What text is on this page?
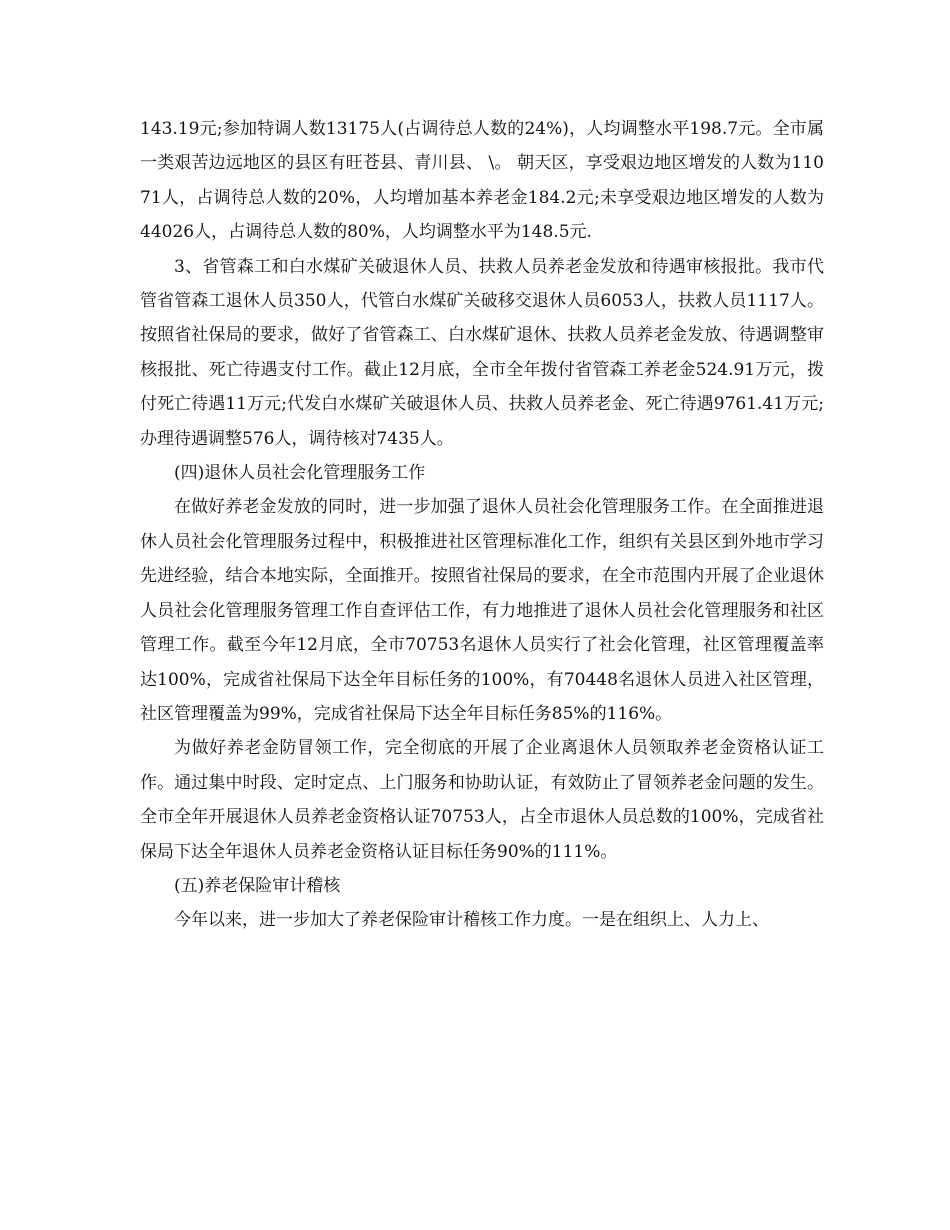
143.19元;参加特调人数13175人(占调待总人数的24%)，人均调整水平198.7元。全市属一类艰苦边远地区的县区有旺苍县、青川县、 \。 朝天区，享受艰边地区增发的人数为11071人，占调待总人数的20%，人均增加基本养老金184.2元;未享受艰边地区增发的人数为44026人，占调待总人数的80%，人均调整水平为148.5元.

3、省管森工和白水煤矿关破退休人员、扶救人员养老金发放和待遇审核报批。我市代管省管森工退休人员350人，代管白水煤矿关破移交退休人员6053人，扶救人员1117人。按照省社保局的要求，做好了省管森工、白水煤矿退休、扶救人员养老金发放、待遇调整审核报批、死亡待遇支付工作。截止12月底，全市全年拨付省管森工养老金524.91万元，拨付死亡待遇11万元;代发白水煤矿关破退休人员、扶救人员养老金、死亡待遇9761.41万元;办理待遇调整576人，调待核对7435人。

(四)退休人员社会化管理服务工作

在做好养老金发放的同时，进一步加强了退休人员社会化管理服务工作。在全面推进退休人员社会化管理服务过程中，积极推进社区管理标准化工作，组织有关县区到外地市学习先进经验，结合本地实际，全面推开。按照省社保局的要求，在全市范围内开展了企业退休人员社会化管理服务管理工作自查评估工作，有力地推进了退休人员社会化管理服务和社区管理工作。截至今年12月底，全市70753名退休人员实行了社会化管理，社区管理覆盖率达100%，完成省社保局下达全年目标任务的100%，有70448名退休人员进入社区管理，社区管理覆盖为99%，完成省社保局下达全年目标任务85%的116%。

为做好养老金防冒领工作，完全彻底的开展了企业离退休人员领取养老金资格认证工作。通过集中时段、定时定点、上门服务和协助认证，有效防止了冒领养老金问题的发生。全市全年开展退休人员养老金资格认证70753人，占全市退休人员总数的100%，完成省社保局下达全年退休人员养老金资格认证目标任务90%的111%。

(五)养老保险审计稽核

今年以来，进一步加大了养老保险审计稽核工作力度。一是在组织上、人力上、
